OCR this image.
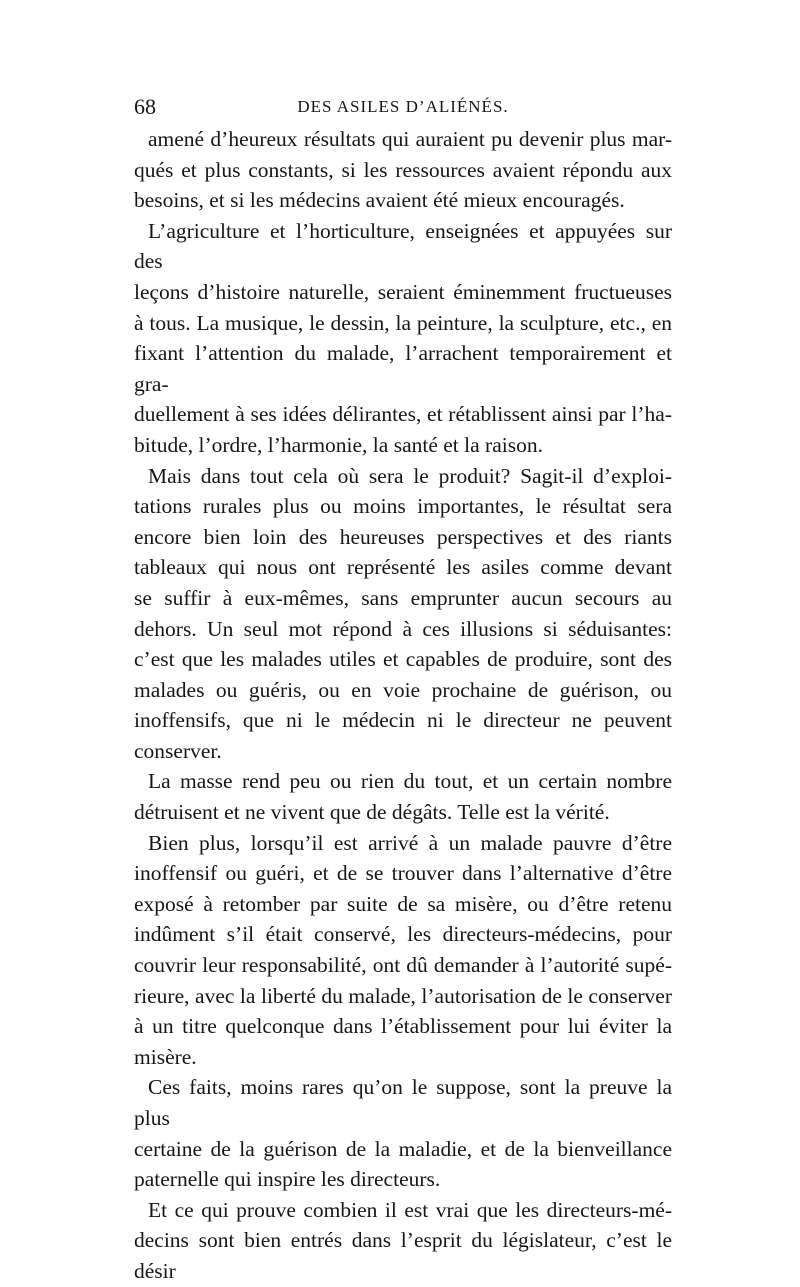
68	DES ASILES D’ALIÉNÉS.

amené d’heureux résultats qui auraient pu devenir plus mar-

qués et plus constants, si les ressources avaient répondu aux

besoins, et si les médecins avaient été mieux encouragés.

L’agriculture et l’horticulture, enseignées et appuyées sur des

leçons d’histoire naturelle, seraient éminemment fructueuses

à tous. La musique, le dessin, la peinture, la sculpture, etc., en

fixant l’attention du malade, l’arrachent temporairement et gra-

duellement à ses idées délirantes, et rétablissent ainsi par l’ha-

bitude, l’ordre, l’harmonie, la santé et la raison.

Mais dans tout cela où sera le produit? Sagit-il d’exploi-

tations rurales plus ou moins importantes, le résultat sera

encore bien loin des heureuses perspectives et des riants

tableaux qui nous ont représenté les asiles comme devant

se suffir à eux-mêmes, sans emprunter aucun secours au

dehors. Un seul mot répond à ces illusions si séduisantes:

c’est que les malades utiles et capables de produire, sont des

malades ou guéris, ou en voie prochaine de guérison, ou

inoffensifs, que ni le médecin ni le directeur ne peuvent

conserver.

La masse rend peu ou rien du tout, et un certain nombre

détruisent et ne vivent que de dégâts. Telle est la vérité.

Bien plus, lorsqu’il est arrivé à un malade pauvre d’être

inoffensif ou guéri, et de se trouver dans l’alternative d’être

exposé à retomber par suite de sa misère, ou d’être retenu

indûment s’il était conservé, les directeurs-médecins, pour

couvrir leur responsabilité, ont dû demander à l’autorité supé-

rieure, avec la liberté du malade, l’autorisation de le conserver

à un titre quelconque dans l’établissement pour lui éviter la

misère.

Ces faits, moins rares qu’on le suppose, sont la preuve la plus

certaine de la guérison de la maladie, et de la bienveillance

paternelle qui inspire les directeurs.

Et ce qui prouve combien il est vrai que les directeurs-mé-

decins sont bien entrés dans l’esprit du législateur, c’est le désir
